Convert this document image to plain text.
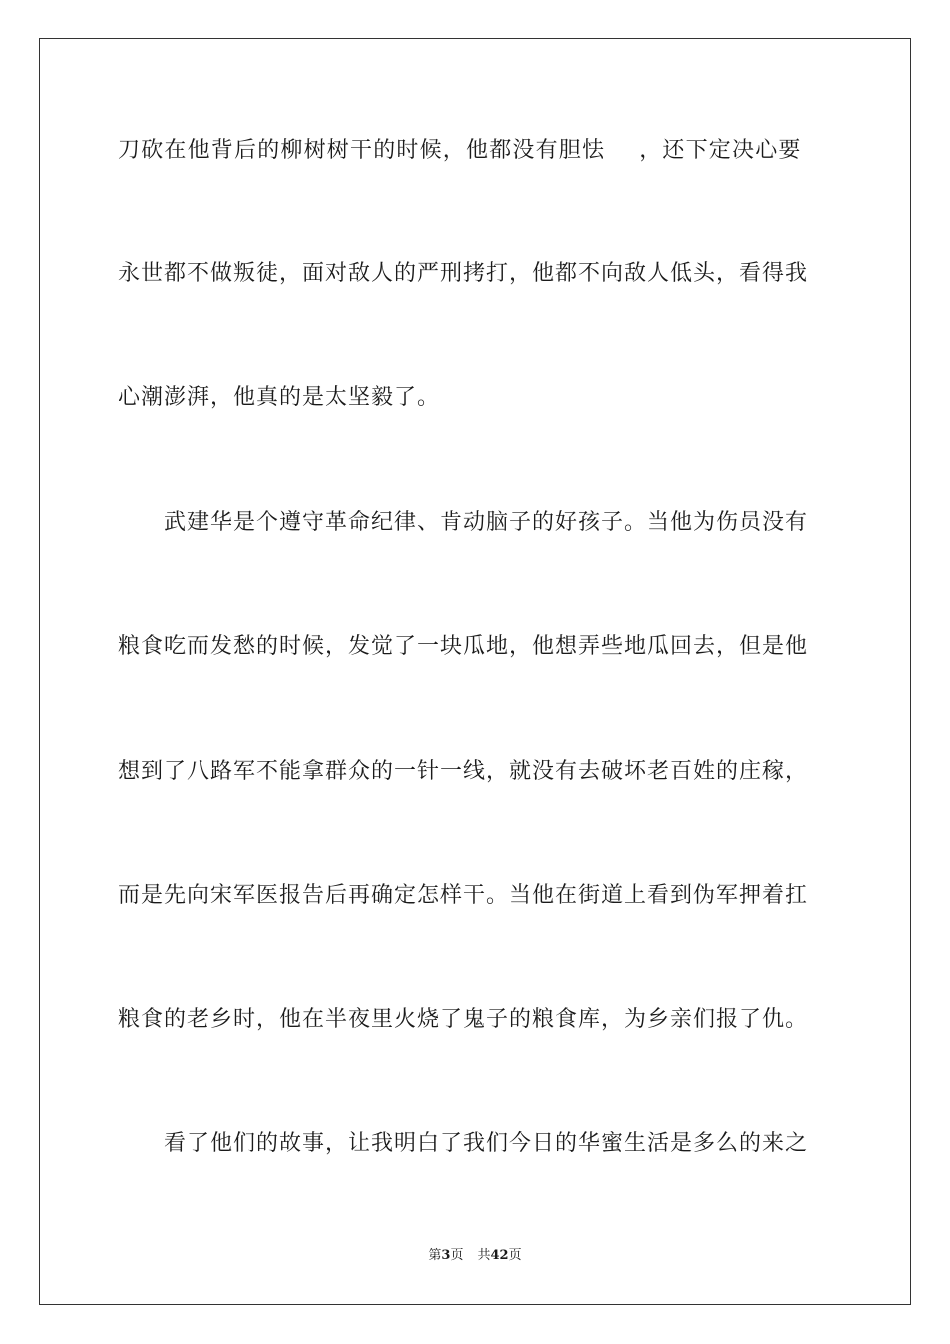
刀砍在他背后的柳树树干的时候，他都没有胆怯 ，还下定决心要
永世都不做叛徒，面对敌人的严刑拷打，他都不向敌人低头，看得我
心潮澎湃，他真的是太坚毅了。
　　武建华是个遵守革命纪律、肯动脑子的好孩子。当他为伤员没有
粮食吃而发愁的时候，发觉了一块瓜地，他想弄些地瓜回去，但是他
想到了八路军不能拿群众的一针一线，就没有去破坏老百姓的庄稼，
而是先向宋军医报告后再确定怎样干。当他在街道上看到伪军押着扛
粮食的老乡时，他在半夜里火烧了鬼子的粮食库，为乡亲们报了仇。
　　看了他们的故事，让我明白了我们今日的华蜜生活是多么的来之
第3页 共42页
